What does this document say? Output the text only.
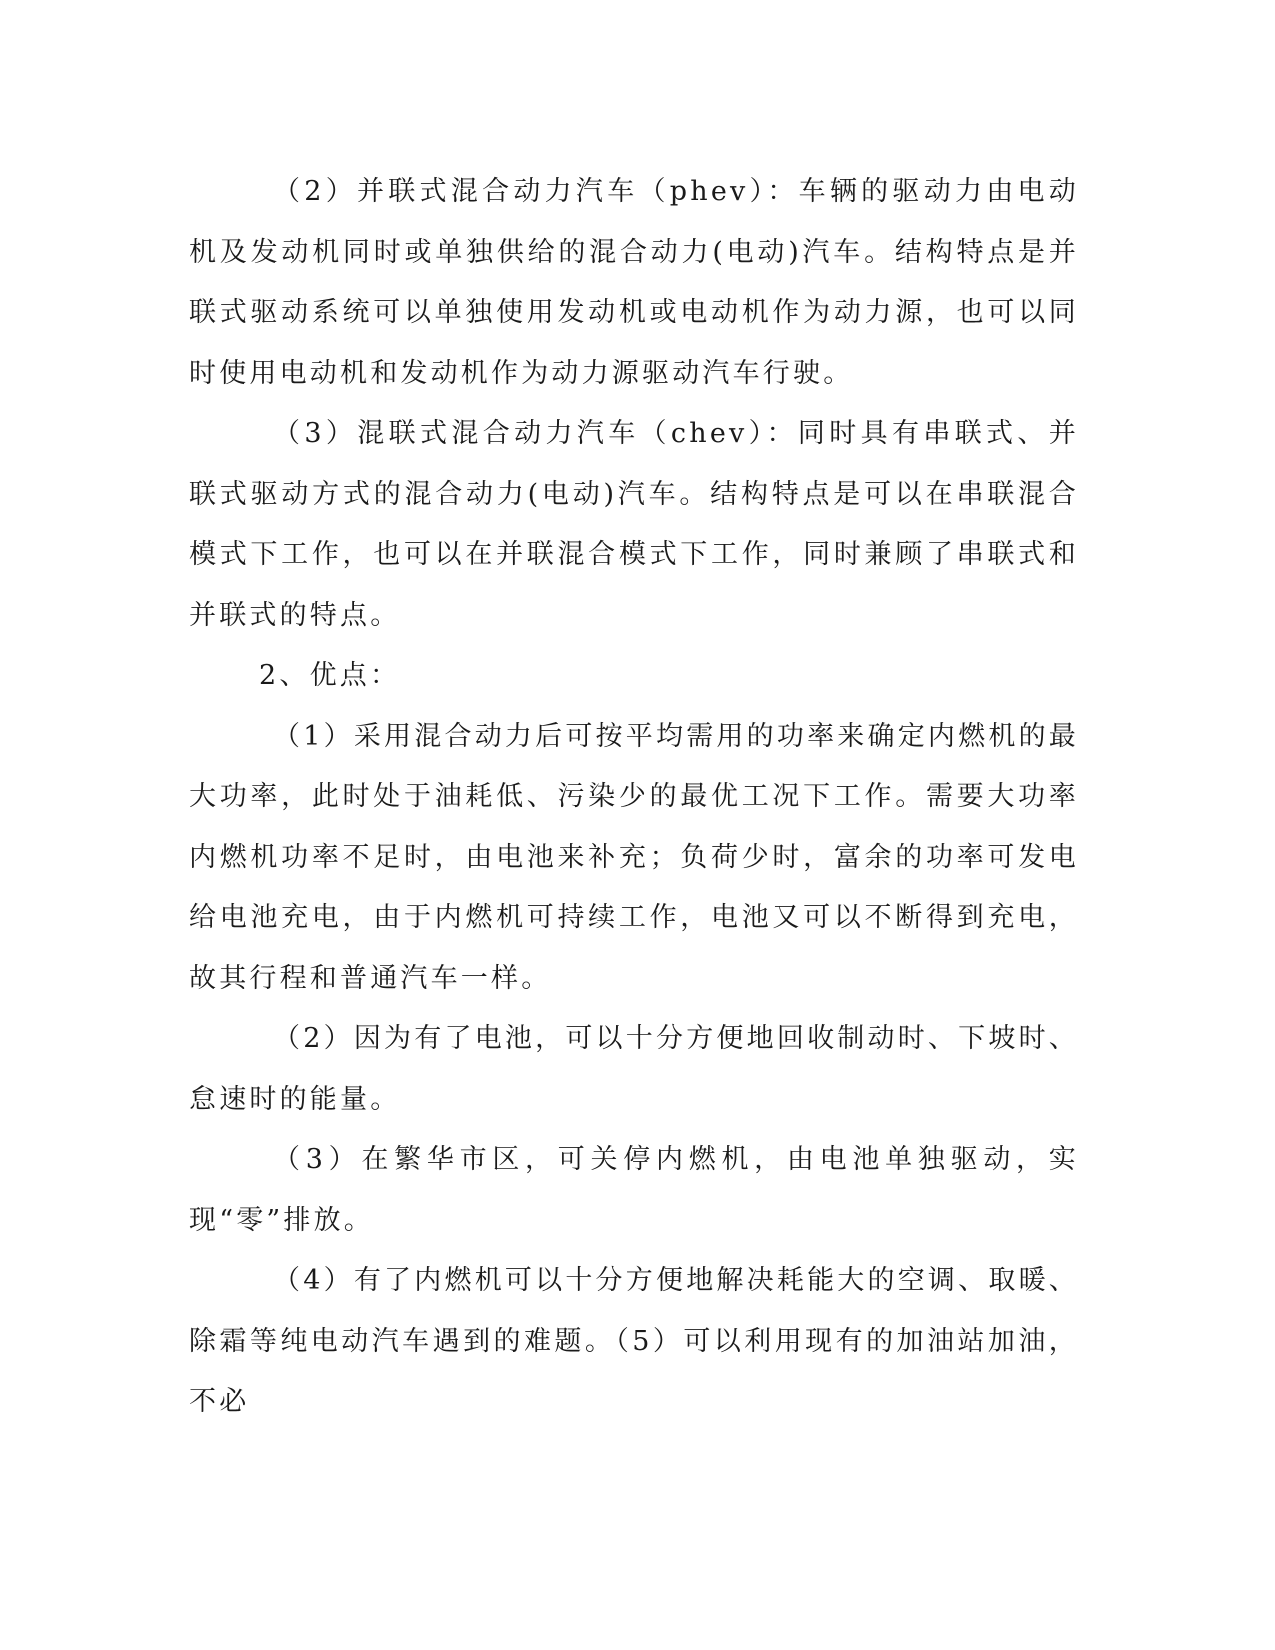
（2）并联式混合动力汽车（phev）：车辆的驱动力由电动机及发动机同时或单独供给的混合动力(电动)汽车。结构特点是并联式驱动系统可以单独使用发动机或电动机作为动力源，也可以同时使用电动机和发动机作为动力源驱动汽车行驶。

（3）混联式混合动力汽车（chev）：同时具有串联式、并联式驱动方式的混合动力(电动)汽车。结构特点是可以在串联混合模式下工作，也可以在并联混合模式下工作，同时兼顾了串联式和并联式的特点。

2、优点：

（1）采用混合动力后可按平均需用的功率来确定内燃机的最大功率，此时处于油耗低、污染少的最优工况下工作。需要大功率内燃机功率不足时，由电池来补充；负荷少时，富余的功率可发电给电池充电，由于内燃机可持续工作，电池又可以不断得到充电，故其行程和普通汽车一样。

（2）因为有了电池，可以十分方便地回收制动时、下坡时、怠速时的能量。

（3）在繁华市区，可关停内燃机，由电池单独驱动，实现“零”排放。

（4）有了内燃机可以十分方便地解决耗能大的空调、取暖、除霜等纯电动汽车遇到的难题。（5）可以利用现有的加油站加油，不必
